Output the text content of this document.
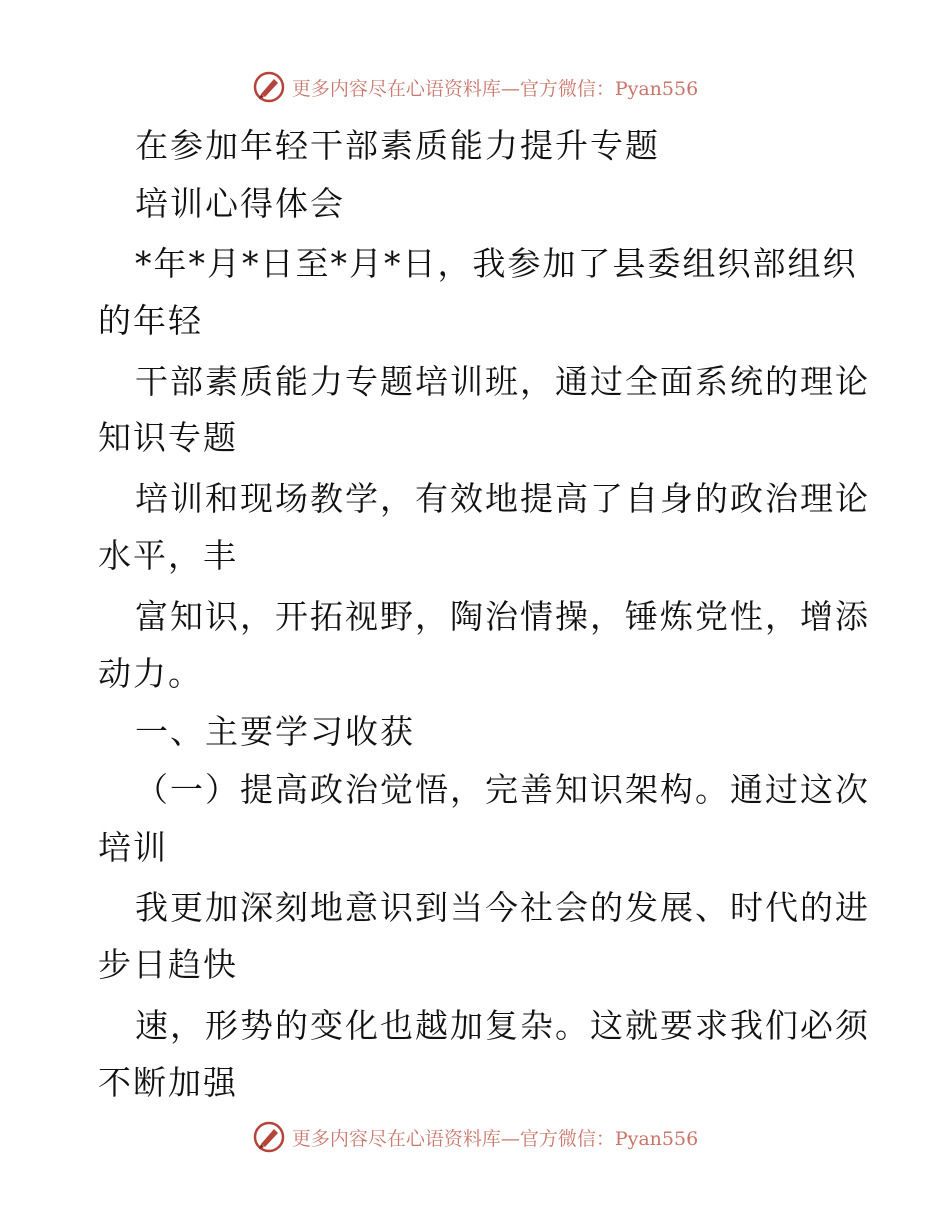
更多内容尽在心语资料库—官方微信：Pyan556
在参加年轻干部素质能力提升专题
培训心得体会
*年*月*日至*月*日，我参加了县委组织部组织
的年轻
干部素质能力专题培训班，通过全面系统的理论
知识专题
培训和现场教学，有效地提高了自身的政治理论
水平，丰
富知识，开拓视野，陶治情操，锤炼党性，增添
动力。
一、主要学习收获
（一）提高政治觉悟，完善知识架构。通过这次
培训
我更加深刻地意识到当今社会的发展、时代的进
步日趋快
速，形势的变化也越加复杂。这就要求我们必须
不断加强
更多内容尽在心语资料库—官方微信：Pyan556
